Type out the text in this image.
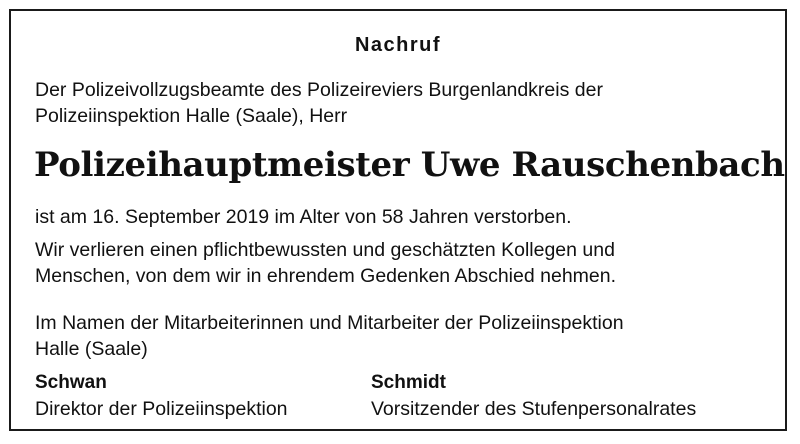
Nachruf
Der Polizeivollzugsbeamte des Polizeireviers Burgenlandkreis der
Polizeiinspektion Halle (Saale), Herr
Polizeihauptmeister Uwe Rauschenbach
ist am 16. September 2019 im Alter von 58 Jahren verstorben.
Wir verlieren einen pflichtbewussten und geschätzten Kollegen und
Menschen, von dem wir in ehrendem Gedenken Abschied nehmen.
Im Namen der Mitarbeiterinnen und Mitarbeiter der Polizeiinspektion
Halle (Saale)
Schwan
Direktor der Polizeiinspektion
Schmidt
Vorsitzender des Stufenpersonalrates
